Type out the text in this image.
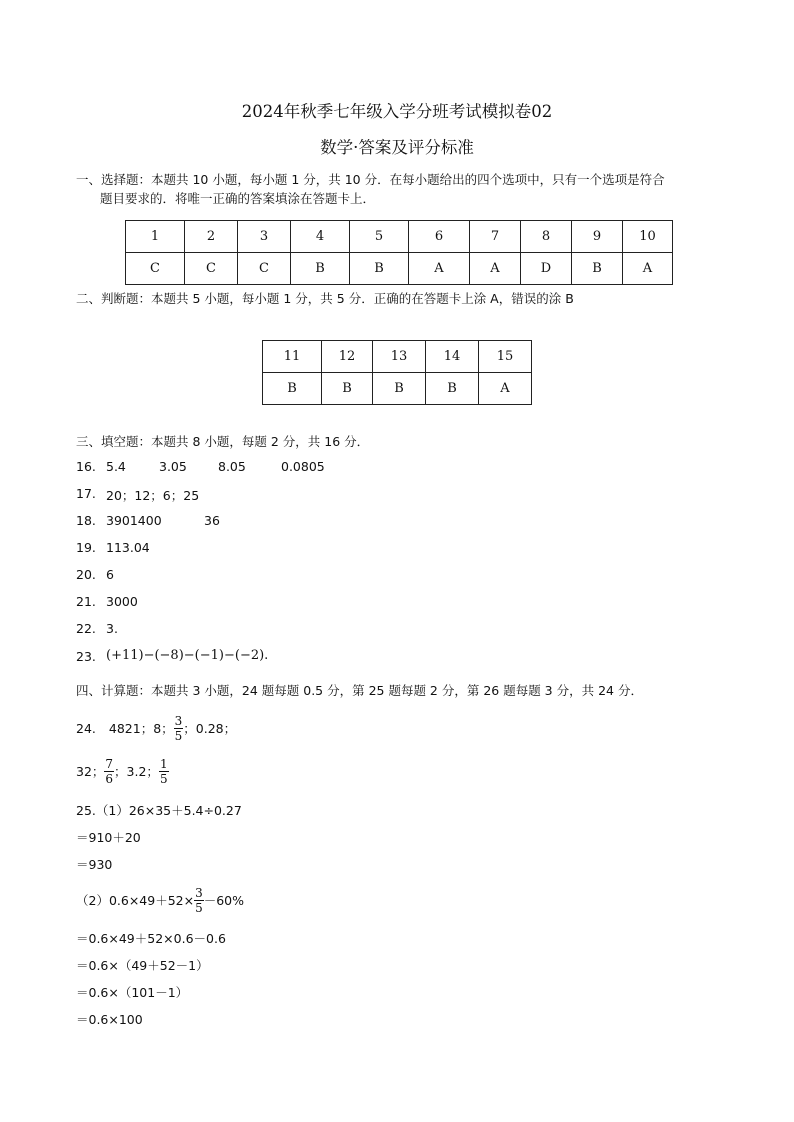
2024年秋季七年级入学分班考试模拟卷02
数学·答案及评分标准
一、选择题：本题共 10 小题，每小题 1 分，共 10 分．在每小题给出的四个选项中，只有一个选项是符合
题目要求的．将唯一正确的答案填涂在答题卡上．
1	2	3	4	5	6	7	8	9	10
C	C	C	B	B	A	A	D	B	A
二、判断题：本题共 5 小题，每小题 1 分，共 5 分．正确的在答题卡上涂 A，错误的涂 B
11	12	13	14	15
B	B	B	B	A
三、填空题：本题共 8 小题，每题 2 分，共 16 分．
16. 5.4	3.05 8.05	0.0805
17. 20；12；6；25
18. 3901400	36
19. 113.04
20. 6
21. 3000
22. 3.
23. (+11)−(−8)−(−1)−(−2).
四、计算题：本题共 3 小题，24 题每题 0.5 分，第 25 题每题 2 分，第 26 题每题 3 分，共 24 分．
24. 4821；8； $\frac{3}{5}$ ；0.28；
32； $\frac{7}{6}$ ；3.2； $\frac{1}{5}$
25.（1）26×35＋5.4÷0.27
＝910＋20
＝930
$(2)0.6\times 49+52\times \frac{3}{5} -60\%$
＝0.6×49＋52×0.6－0.6
＝0.6×（49＋52－1）
＝0.6×（101－1）
＝0.6×100
